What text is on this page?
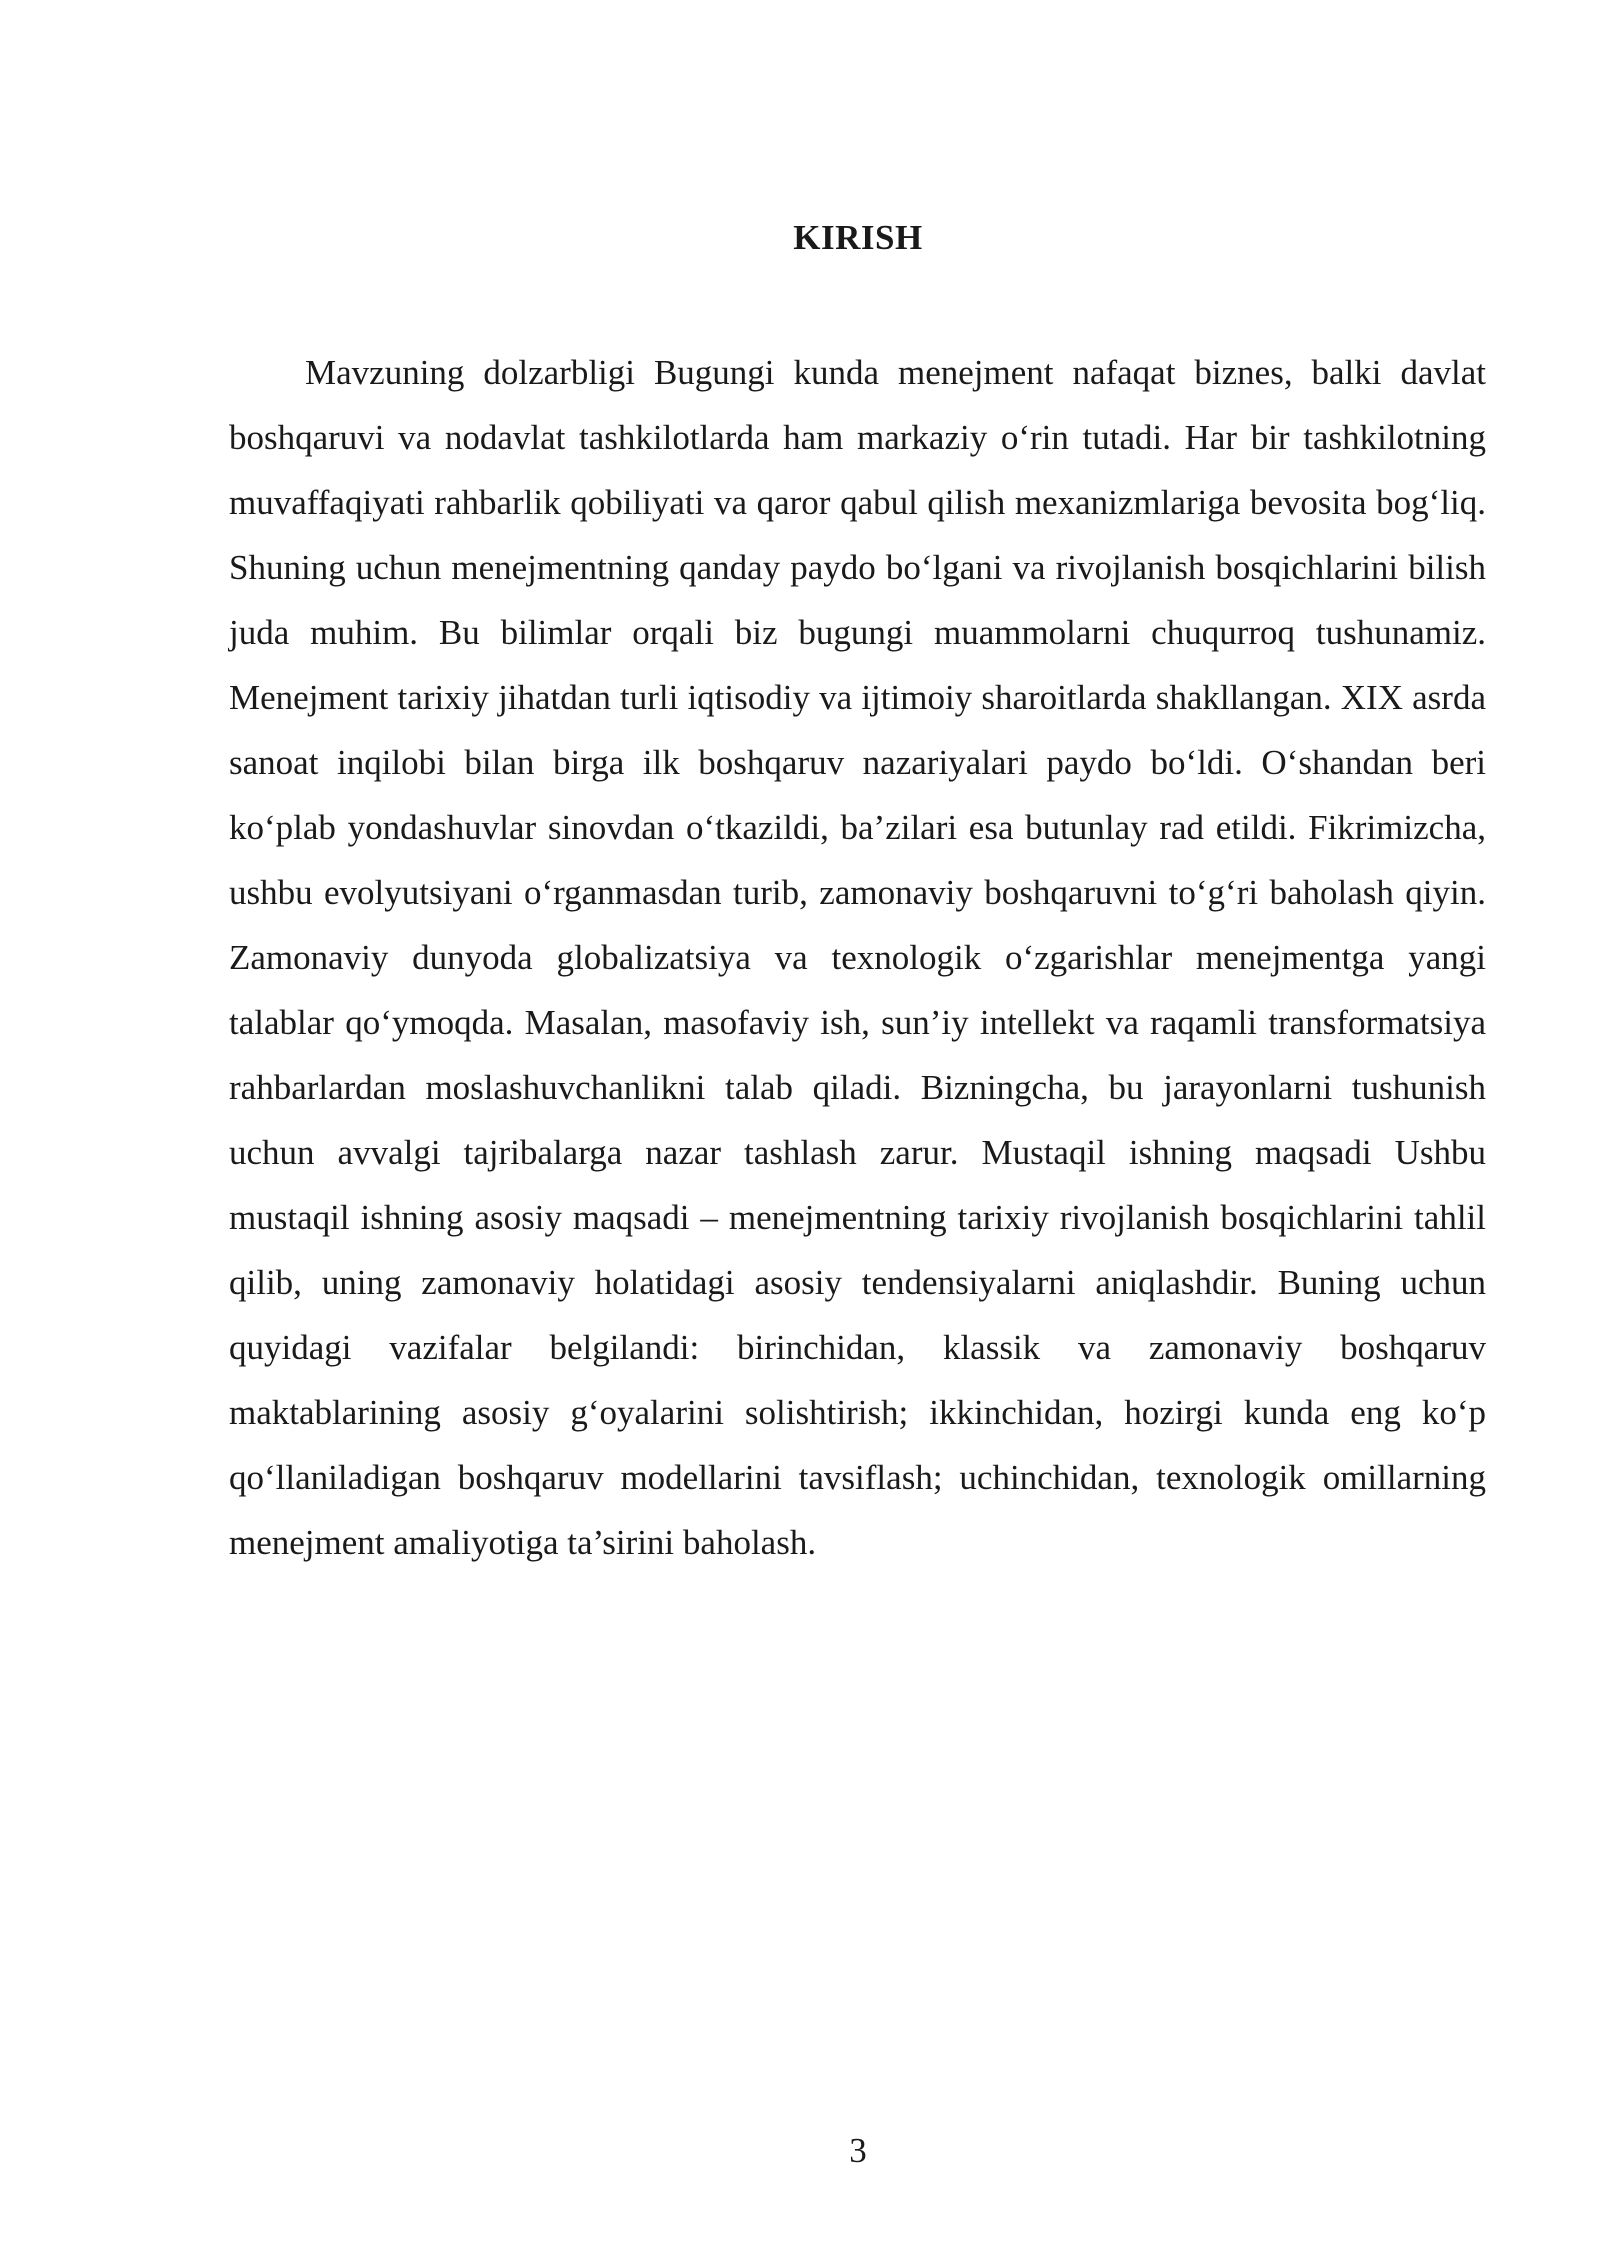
KIRISH

Mavzuning dolzarbligi Bugungi kunda menejment nafaqat biznes, balki davlat boshqaruvi va nodavlat tashkilotlarda ham markaziy o‘rin tutadi. Har bir tashkilotning muvaffaqiyati rahbarlik qobiliyati va qaror qabul qilish mexanizmlariga bevosita bog‘liq. Shuning uchun menejmentning qanday paydo bo‘lgani va rivojlanish bosqichlarini bilish juda muhim. Bu bilimlar orqali biz bugungi muammolarni chuqurroq tushunamiz. Menejment tarixiy jihatdan turli iqtisodiy va ijtimoiy sharoitlarda shakllangan. XIX asrda sanoat inqilobi bilan birga ilk boshqaruv nazariyalari paydo bo‘ldi. O‘shandan beri ko‘plab yondashuvlar sinovdan o‘tkazildi, ba’zilari esa butunlay rad etildi. Fikrimizcha, ushbu evolyutsiyani o‘rganmasdan turib, zamonaviy boshqaruvni to‘g‘ri baholash qiyin. Zamonaviy dunyoda globalizatsiya va texnologik o‘zgarishlar menejmentga yangi talablar qo‘ymoqda. Masalan, masofaviy ish, sun’iy intellekt va raqamli transformatsiya rahbarlardan moslashuvchanlikni talab qiladi. Bizningcha, bu jarayonlarni tushunish uchun avvalgi tajribalarga nazar tashlash zarur. Mustaqil ishning maqsadi Ushbu mustaqil ishning asosiy maqsadi – menejmentning tarixiy rivojlanish bosqichlarini tahlil qilib, uning zamonaviy holatidagi asosiy tendensiyalarni aniqlashdir. Buning uchun quyidagi vazifalar belgilandi: birinchidan, klassik va zamonaviy boshqaruv maktablarining asosiy g‘oyalarini solishtirish; ikkinchidan, hozirgi kunda eng ko‘p qo‘llaniladigan boshqaruv modellarini tavsiflash; uchinchidan, texnologik omillarning menejment amaliyotiga ta’sirini baholash.

3
